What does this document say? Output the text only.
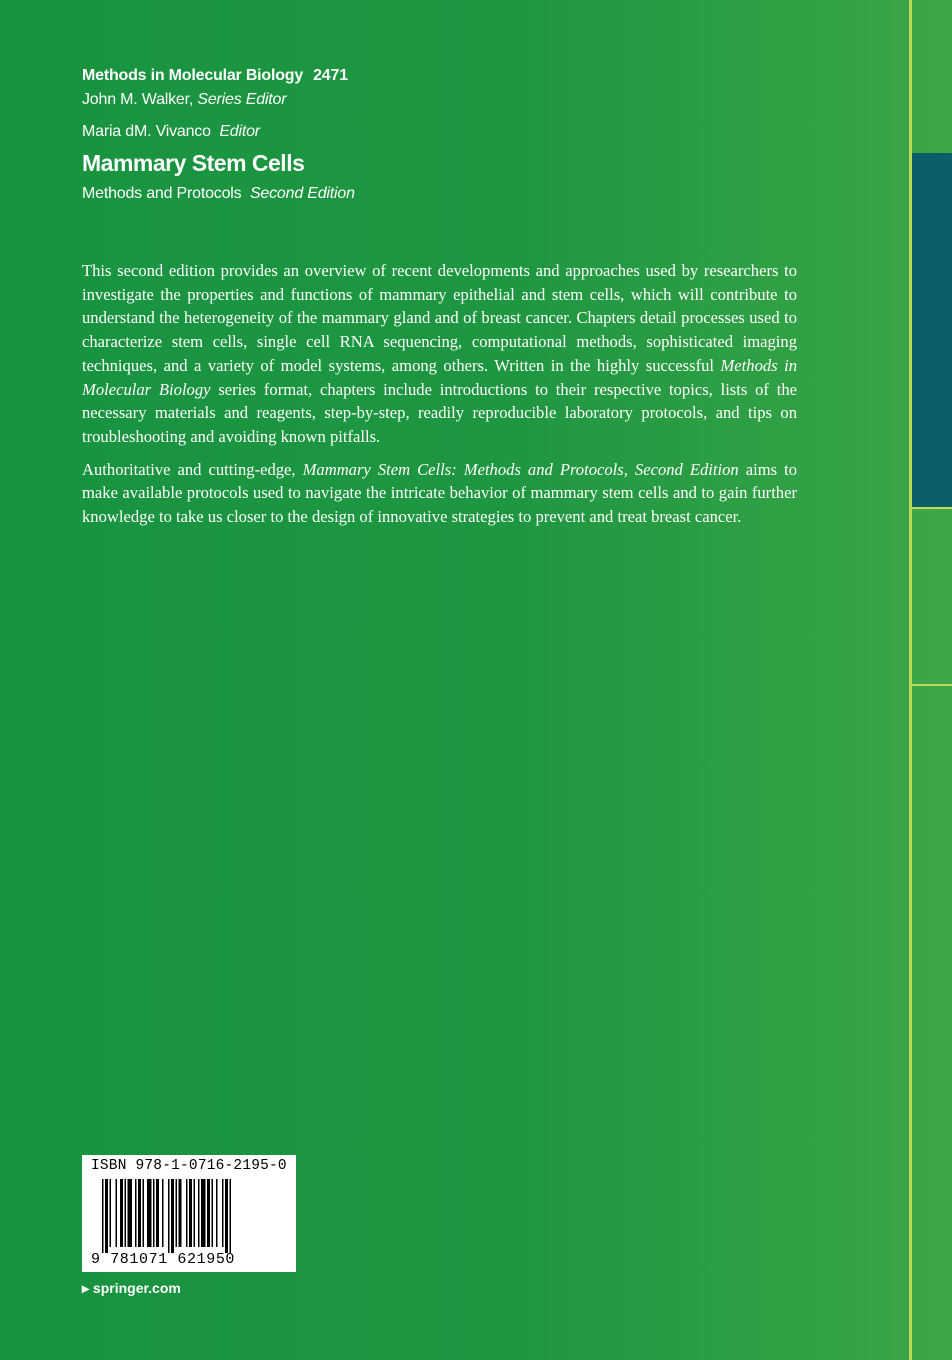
Methods in Molecular Biology 2471
John M. Walker, Series Editor
Maria dM. Vivanco Editor
Mammary Stem Cells
Methods and Protocols Second Edition

This second edition provides an overview of recent developments and approaches used by researchers to investigate the properties and functions of mammary epithelial and stem cells, which will contribute to understand the heterogeneity of the mammary gland and of breast cancer. Chapters detail processes used to characterize stem cells, single cell RNA sequencing, computational methods, sophisticated imaging techniques, and a variety of model systems, among others. Written in the highly successful Methods in Molecular Biology series format, chapters include introductions to their respective topics, lists of the necessary materials and reagents, step-by-step, readily reproducible laboratory protocols, and tips on troubleshooting and avoiding known pitfalls.

Authoritative and cutting-edge, Mammary Stem Cells: Methods and Protocols, Second Edition aims to make available protocols used to navigate the intricate behavior of mammary stem cells and to gain further knowledge to take us closer to the design of innovative strategies to prevent and treat breast cancer.

ISBN 978-1-0716-2195-0
9 781071 621950
▸ springer.com
